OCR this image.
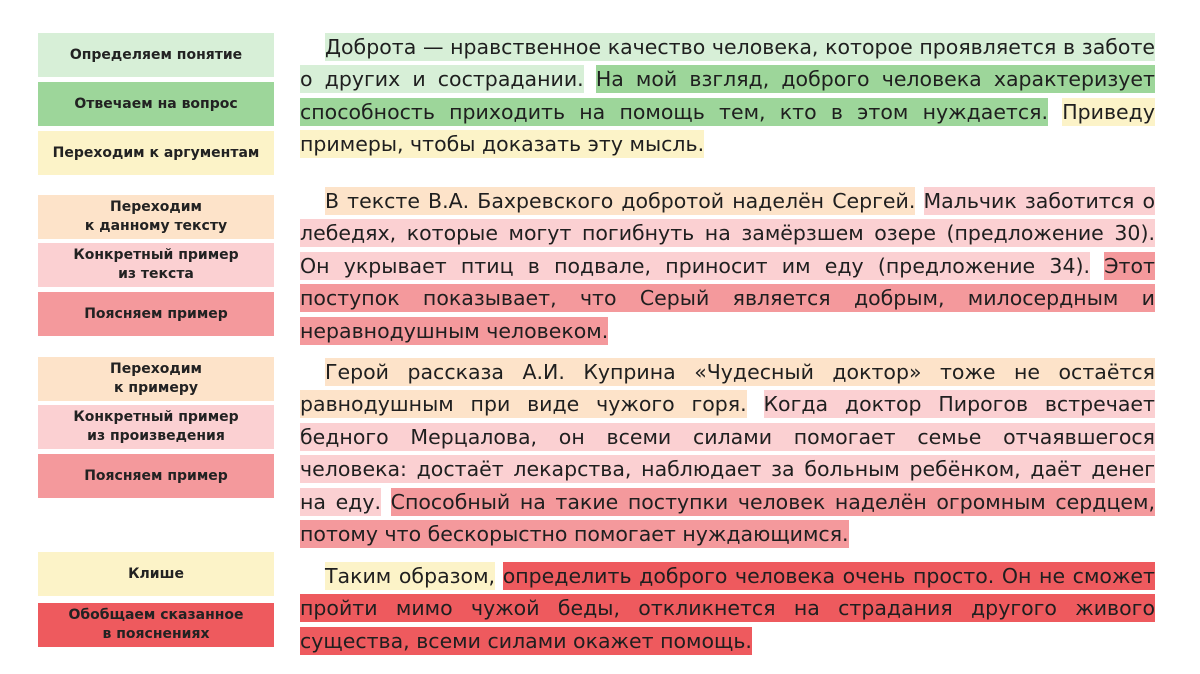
Определяем понятие
Отвечаем на вопрос
Переходим к аргументам
Переходим
к данному тексту
Конкретный пример
из текста
Поясняем пример
Переходим
к примеру
Конкретный пример
из произведения
Поясняем пример
Клише
Обобщаем сказанное
в пояснениях

Доброта — нравственное качество человека, которое проявляется в заботе о других и сострадании. На мой взгляд, доброго человека характеризует способность приходить на помощь тем, кто в этом нуждается. Приведу примеры, чтобы доказать эту мысль.

В тексте В.А. Бахревского добротой наделён Сергей. Мальчик заботится о лебедях, которые могут погибнуть на замёрзшем озере (предложение 30). Он укрывает птиц в подвале, приносит им еду (предложение 34). Этот поступок показывает, что Серый является добрым, милосердным и неравнодушным человеком.

Герой рассказа А.И. Куприна «Чудесный доктор» тоже не остаётся равнодушным при виде чужого горя. Когда доктор Пирогов встречает бедного Мерцалова, он всеми силами помогает семье отчаявшегося человека: достаёт лекарства, наблюдает за больным ребёнком, даёт денег на еду. Способный на такие поступки человек наделён огромным сердцем, потому что бескорыстно помогает нуждающимся.

Таким образом, определить доброго человека очень просто. Он не сможет пройти мимо чужой беды, откликнется на страдания другого живого существа, всеми силами окажет помощь.
